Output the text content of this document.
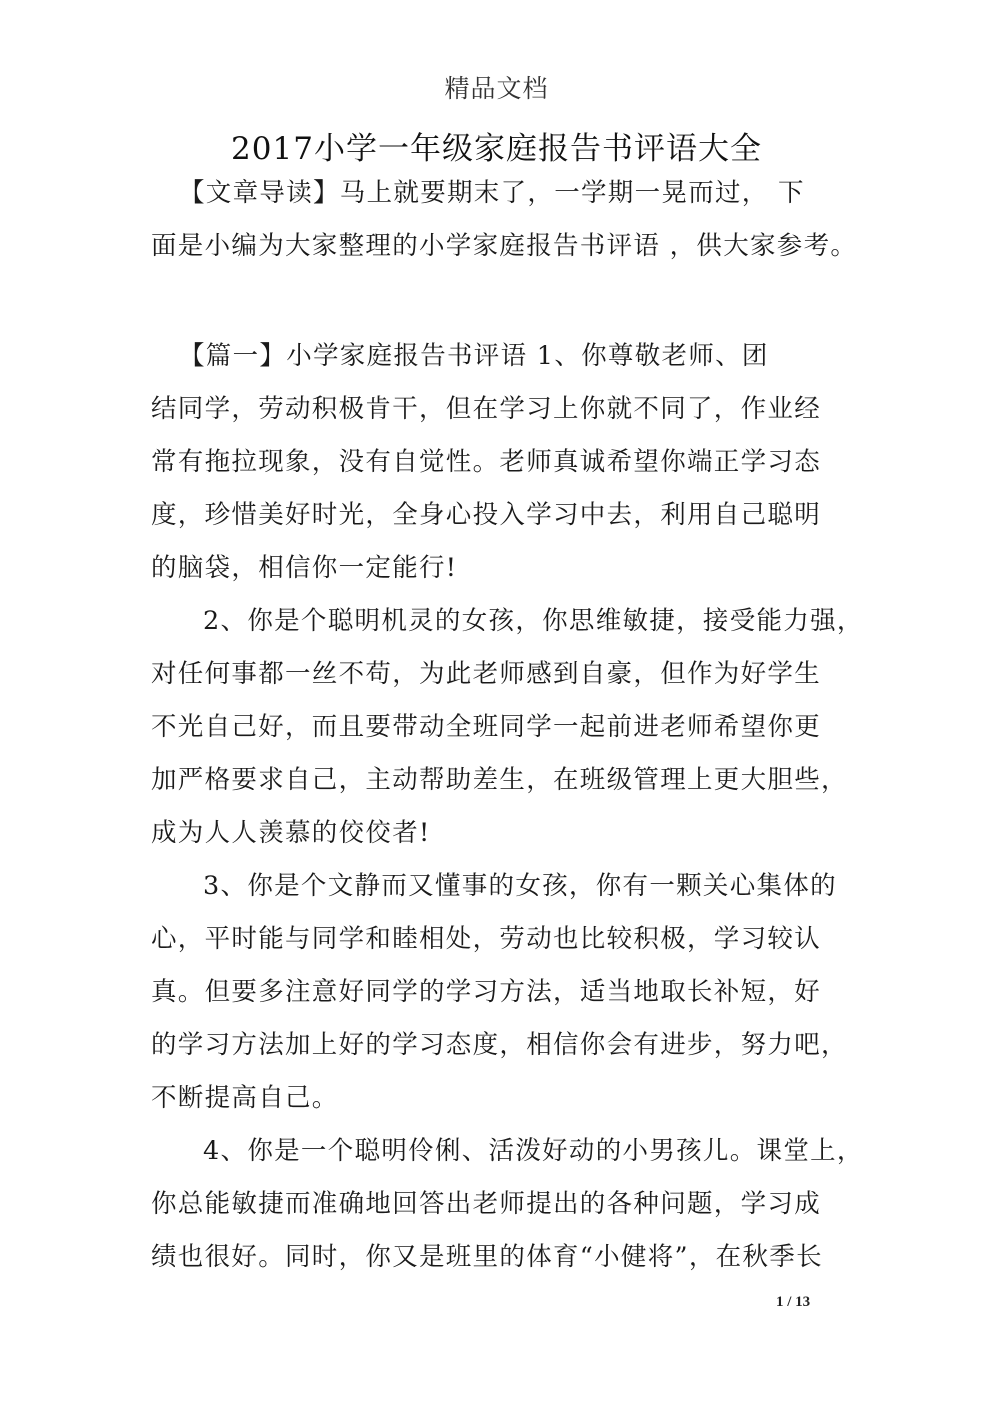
精品文档
2017小学一年级家庭报告书评语大全
【文章导读】马上就要期末了，一学期一晃而过， 下
面是小编为大家整理的小学家庭报告书评语 ，供大家参考。
【篇一】小学家庭报告书评语 1、你尊敬老师、团
结同学，劳动积极肯干，但在学习上你就不同了，作业经
常有拖拉现象，没有自觉性。老师真诚希望你端正学习态
度，珍惜美好时光，全身心投入学习中去，利用自己聪明
的脑袋，相信你一定能行!
2、你是个聪明机灵的女孩，你思维敏捷，接受能力强，
对任何事都一丝不苟，为此老师感到自豪，但作为好学生
不光自己好，而且要带动全班同学一起前进老师希望你更
加严格要求自己，主动帮助差生，在班级管理上更大胆些，
成为人人羡慕的佼佼者!
3、你是个文静而又懂事的女孩，你有一颗关心集体的
心，平时能与同学和睦相处，劳动也比较积极，学习较认
真。但要多注意好同学的学习方法，适当地取长补短，好
的学习方法加上好的学习态度，相信你会有进步，努力吧，
不断提高自己。
4、你是一个聪明伶俐、活泼好动的小男孩儿。课堂上，
你总能敏捷而准确地回答出老师提出的各种问题，学习成
绩也很好。同时，你又是班里的体育“小健将”，在秋季长
1 / 13
